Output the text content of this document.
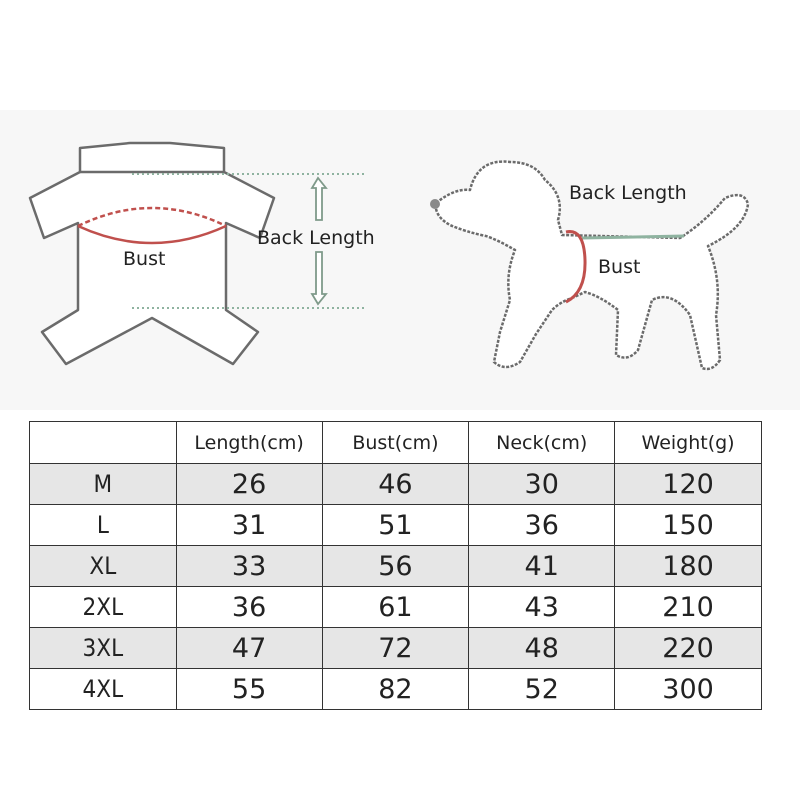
Bust
Back Length
Back Length
Bust
	Length(cm)	Bust(cm)	Neck(cm)	Weight(g)
M	26	46	30	120
L	31	51	36	150
XL	33	56	41	180
2XL	36	61	43	210
3XL	47	72	48	220
4XL	55	82	52	300
